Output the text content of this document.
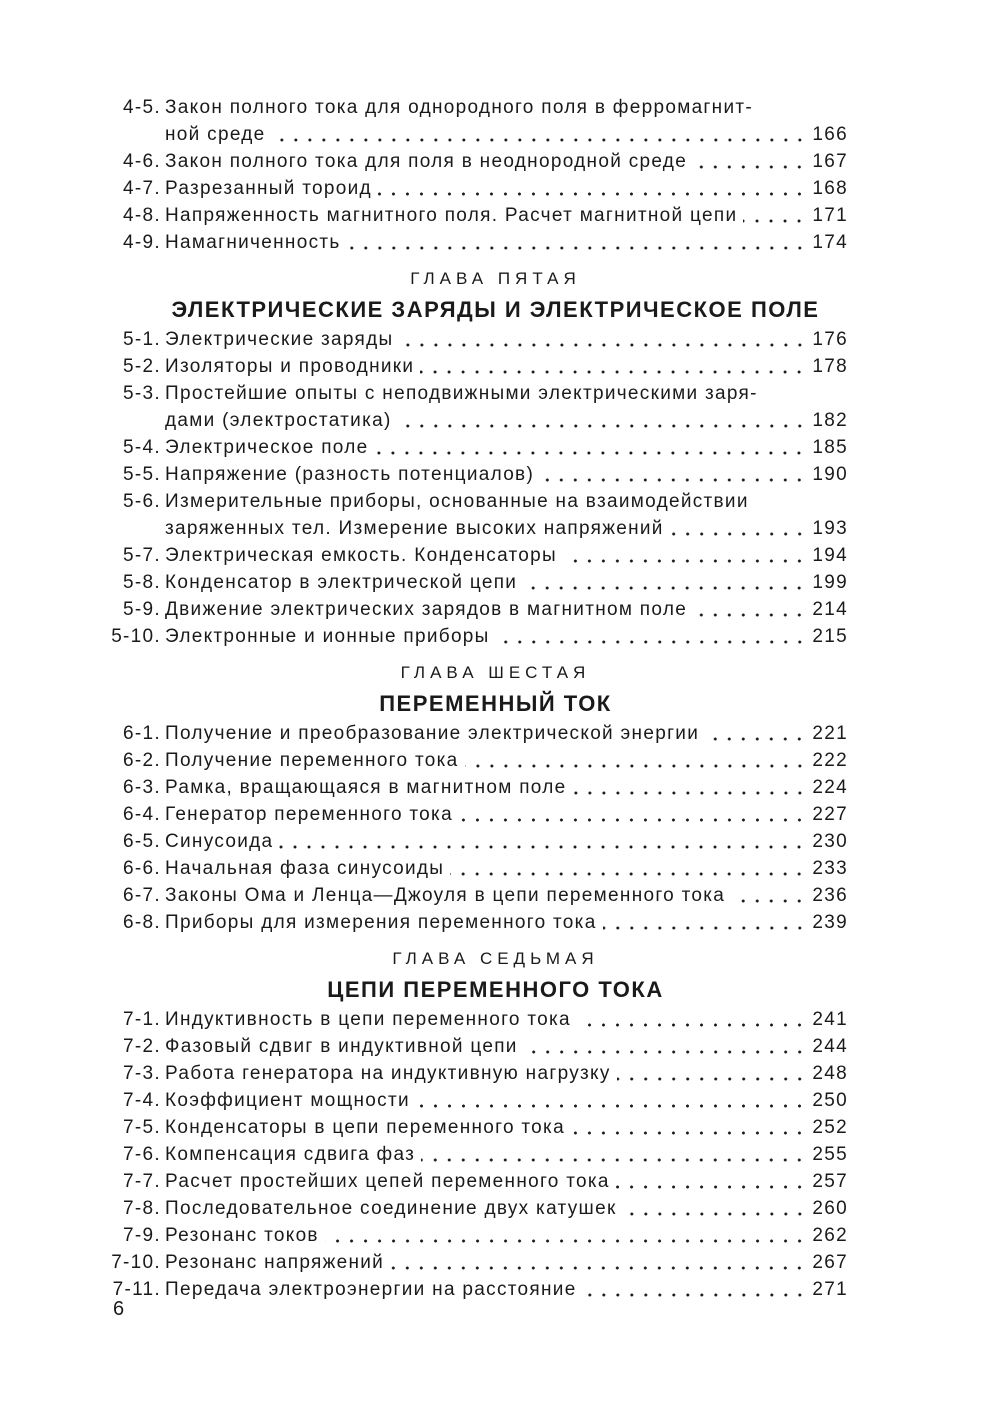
4-5. Закон полного тока для однородного поля в ферромагнит-
ной среде	166
4-6. Закон полного тока для поля в неоднородной среде	167
4-7. Разрезанный тороид	168
4-8. Напряженность магнитного поля. Расчет магнитной цепи	171
4-9. Намагниченность	174
ГЛАВА ПЯТАЯ
ЭЛЕКТРИЧЕСКИЕ ЗАРЯДЫ И ЭЛЕКТРИЧЕСКОЕ ПОЛЕ
5-1. Электрические заряды	176
5-2. Изоляторы и проводники	178
5-3. Простейшие опыты с неподвижными электрическими заря-
дами (электростатика)	182
5-4. Электрическое поле	185
5-5. Напряжение (разность потенциалов)	190
5-6. Измерительные приборы, основанные на взаимодействии
заряженных тел. Измерение высоких напряжений	193
5-7. Электрическая емкость. Конденсаторы	194
5-8. Конденсатор в электрической цепи	199
5-9. Движение электрических зарядов в магнитном поле	214
5-10. Электронные и ионные приборы	215
ГЛАВА ШЕСТАЯ
ПЕРЕМЕННЫЙ ТОК
6-1. Получение и преобразование электрической энергии	221
6-2. Получение переменного тока	222
6-3. Рамка, вращающаяся в магнитном поле	224
6-4. Генератор переменного тока	227
6-5. Синусоида	230
6-6. Начальная фаза синусоиды	233
6-7. Законы Ома и Ленца—Джоуля в цепи переменного тока	236
6-8. Приборы для измерения переменного тока	239
ГЛАВА СЕДЬМАЯ
ЦЕПИ ПЕРЕМЕННОГО ТОКА
7-1. Индуктивность в цепи переменного тока	241
7-2. Фазовый сдвиг в индуктивной цепи	244
7-3. Работа генератора на индуктивную нагрузку	248
7-4. Коэффициент мощности	250
7-5. Конденсаторы в цепи переменного тока	252
7-6. Компенсация сдвига фаз	255
7-7. Расчет простейших цепей переменного тока	257
7-8. Последовательное соединение двух катушек	260
7-9. Резонанс токов	262
7-10. Резонанс напряжений	267
7-11. Передача электроэнергии на расстояние	271
6
